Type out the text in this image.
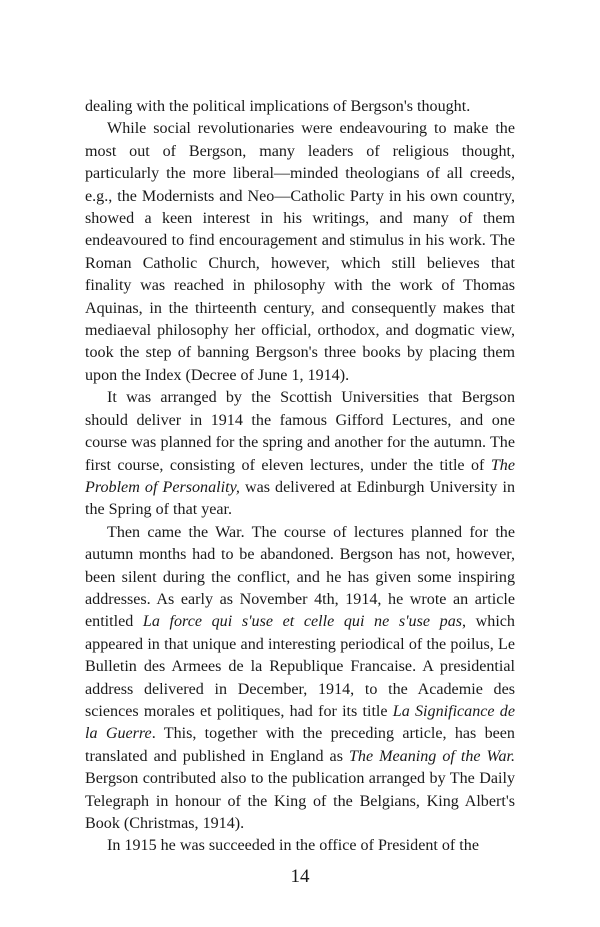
dealing with the political implications of Bergson's thought.

While social revolutionaries were endeavouring to make the most out of Bergson, many leaders of religious thought, particularly the more liberal—minded theologians of all creeds, e.g., the Modernists and Neo—Catholic Party in his own country, showed a keen interest in his writings, and many of them endeavoured to find encouragement and stimulus in his work. The Roman Catholic Church, however, which still believes that finality was reached in philosophy with the work of Thomas Aquinas, in the thirteenth century, and consequently makes that mediaeval philosophy her official, orthodox, and dogmatic view, took the step of banning Bergson's three books by placing them upon the Index (Decree of June 1, 1914).

It was arranged by the Scottish Universities that Bergson should deliver in 1914 the famous Gifford Lectures, and one course was planned for the spring and another for the autumn. The first course, consisting of eleven lectures, under the title of The Problem of Personality, was delivered at Edinburgh University in the Spring of that year.

Then came the War. The course of lectures planned for the autumn months had to be abandoned. Bergson has not, however, been silent during the conflict, and he has given some inspiring addresses. As early as November 4th, 1914, he wrote an article entitled La force qui s'use et celle qui ne s'use pas, which appeared in that unique and interesting periodical of the poilus, Le Bulletin des Armees de la Republique Francaise. A presidential address delivered in December, 1914, to the Academie des sciences morales et politiques, had for its title La Significance de la Guerre. This, together with the preceding article, has been translated and published in England as The Meaning of the War. Bergson contributed also to the publication arranged by The Daily Telegraph in honour of the King of the Belgians, King Albert's Book (Christmas, 1914).

In 1915 he was succeeded in the office of President of the

14
